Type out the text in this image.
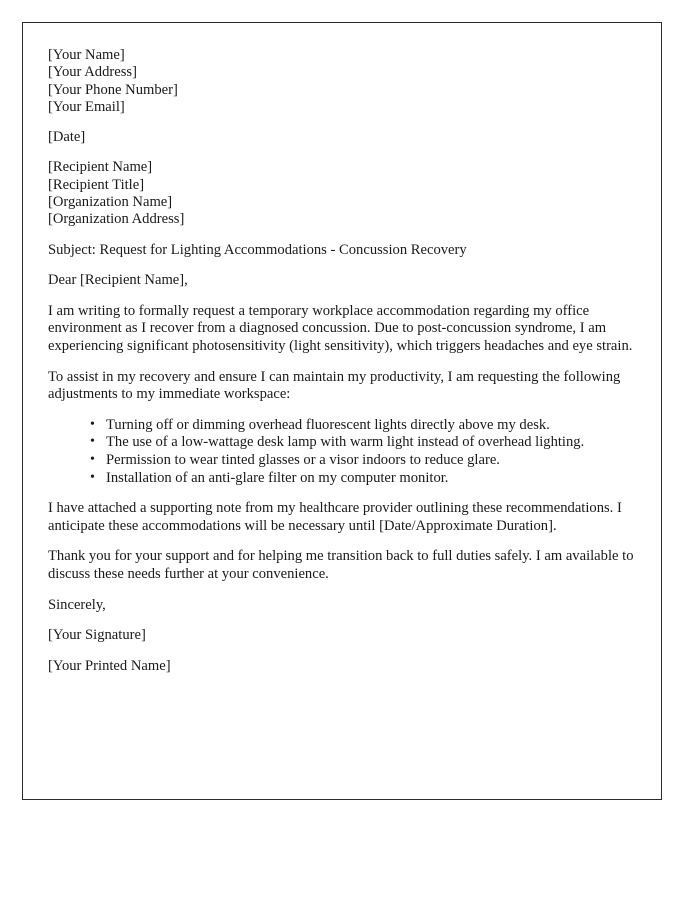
[Your Name]
[Your Address]
[Your Phone Number]
[Your Email]
[Date]
[Recipient Name]
[Recipient Title]
[Organization Name]
[Organization Address]

Subject: Request for Lighting Accommodations - Concussion Recovery

Dear [Recipient Name],

I am writing to formally request a temporary workplace accommodation regarding my office environment as I recover from a diagnosed concussion. Due to post-concussion syndrome, I am experiencing significant photosensitivity (light sensitivity), which triggers headaches and eye strain.

To assist in my recovery and ensure I can maintain my productivity, I am requesting the following adjustments to my immediate workspace:

• Turning off or dimming overhead fluorescent lights directly above my desk.
• The use of a low-wattage desk lamp with warm light instead of overhead lighting.
• Permission to wear tinted glasses or a visor indoors to reduce glare.
• Installation of an anti-glare filter on my computer monitor.

I have attached a supporting note from my healthcare provider outlining these recommendations. I anticipate these accommodations will be necessary until [Date/Approximate Duration].

Thank you for your support and for helping me transition back to full duties safely. I am available to discuss these needs further at your convenience.

Sincerely,
[Your Signature]
[Your Printed Name]
